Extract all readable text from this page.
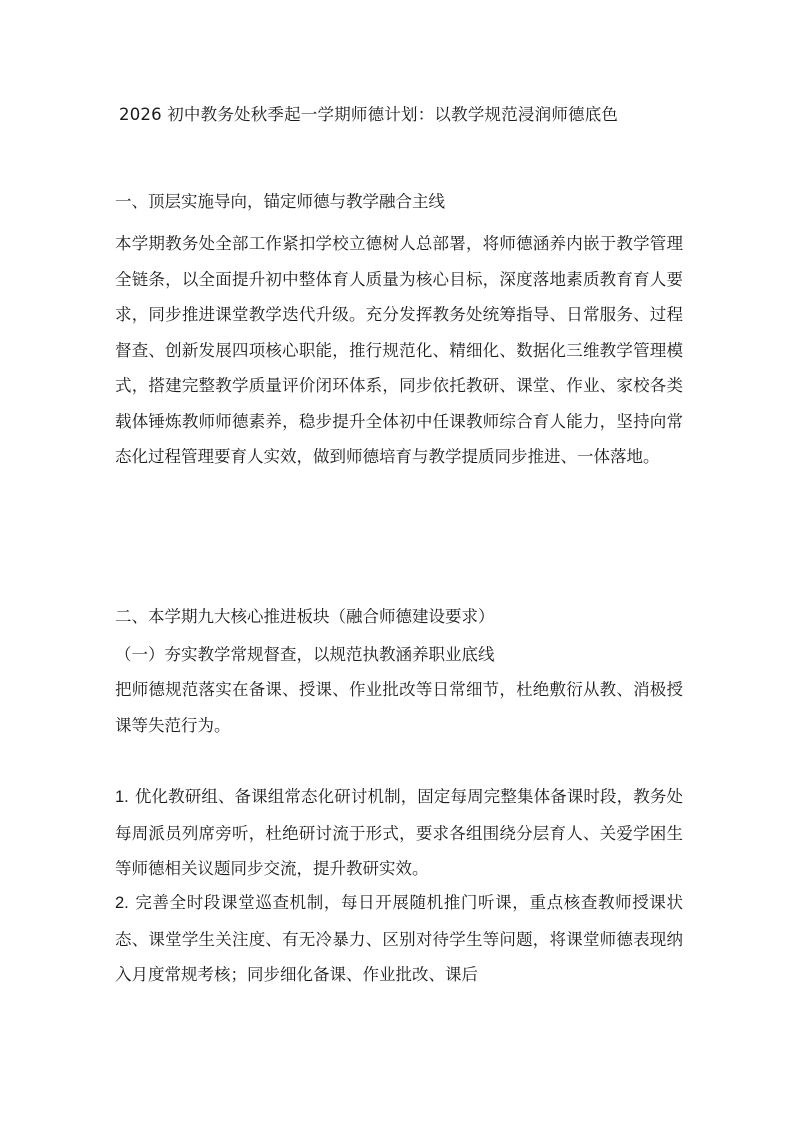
2026 初中教务处秋季起一学期师德计划：以教学规范浸润师德底色
一、顶层实施导向，锚定师德与教学融合主线
本学期教务处全部工作紧扣学校立德树人总部署，将师德涵养内嵌于教学管理全链条，以全面提升初中整体育人质量为核心目标，深度落地素质教育育人要求，同步推进课堂教学迭代升级。充分发挥教务处统筹指导、日常服务、过程督查、创新发展四项核心职能，推行规范化、精细化、数据化三维教学管理模式，搭建完整教学质量评价闭环体系，同步依托教研、课堂、作业、家校各类载体锤炼教师师德素养，稳步提升全体初中任课教师综合育人能力，坚持向常态化过程管理要育人实效，做到师德培育与教学提质同步推进、一体落地。
二、本学期九大核心推进板块（融合师德建设要求）
（一）夯实教学常规督查，以规范执教涵养职业底线
把师德规范落实在备课、授课、作业批改等日常细节，杜绝敷衍从教、消极授课等失范行为。
1. 优化教研组、备课组常态化研讨机制，固定每周完整集体备课时段，教务处每周派员列席旁听，杜绝研讨流于形式，要求各组围绕分层育人、关爱学困生等师德相关议题同步交流，提升教研实效。
2. 完善全时段课堂巡查机制，每日开展随机推门听课，重点核查教师授课状态、课堂学生关注度、有无冷暴力、区别对待学生等问题，将课堂师德表现纳入月度常规考核；同步细化备课、作业批改、课后
